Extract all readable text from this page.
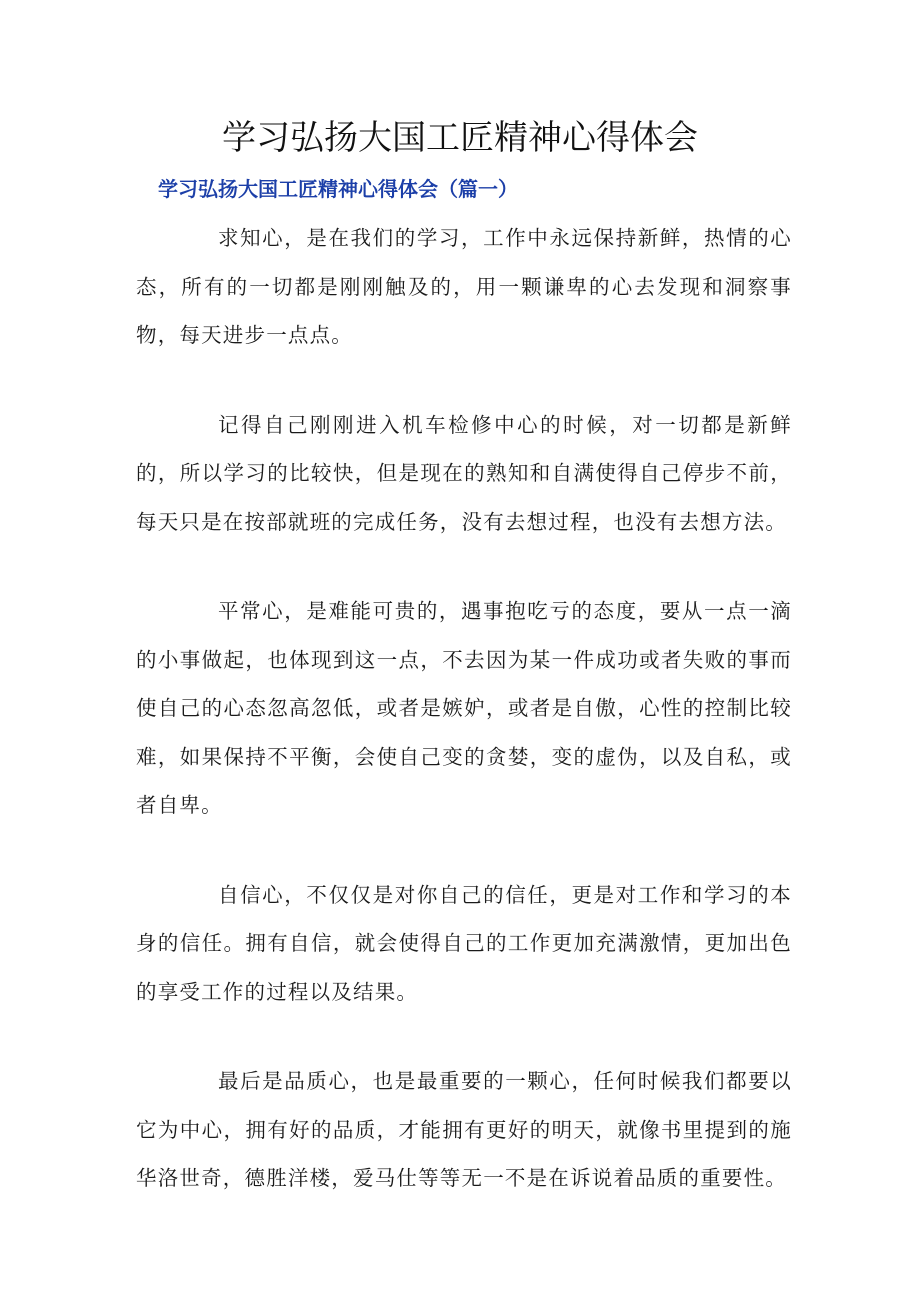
学习弘扬大国工匠精神心得体会
学习弘扬大国工匠精神心得体会（篇一）

求知心，是在我们的学习，工作中永远保持新鲜，热情的心态，所有的一切都是刚刚触及的，用一颗谦卑的心去发现和洞察事物，每天进步一点点。

记得自己刚刚进入机车检修中心的时候，对一切都是新鲜的，所以学习的比较快，但是现在的熟知和自满使得自己停步不前，每天只是在按部就班的完成任务，没有去想过程，也没有去想方法。

平常心，是难能可贵的，遇事抱吃亏的态度，要从一点一滴的小事做起，也体现到这一点，不去因为某一件成功或者失败的事而使自己的心态忽高忽低，或者是嫉妒，或者是自傲，心性的控制比较难，如果保持不平衡，会使自己变的贪婪，变的虚伪，以及自私，或者自卑。

自信心，不仅仅是对你自己的信任，更是对工作和学习的本身的信任。拥有自信，就会使得自己的工作更加充满激情，更加出色的享受工作的过程以及结果。

最后是品质心，也是最重要的一颗心，任何时候我们都要以它为中心，拥有好的品质，才能拥有更好的明天，就像书里提到的施华洛世奇，德胜洋楼，爱马仕等等无一不是在诉说着品质的重要性。
